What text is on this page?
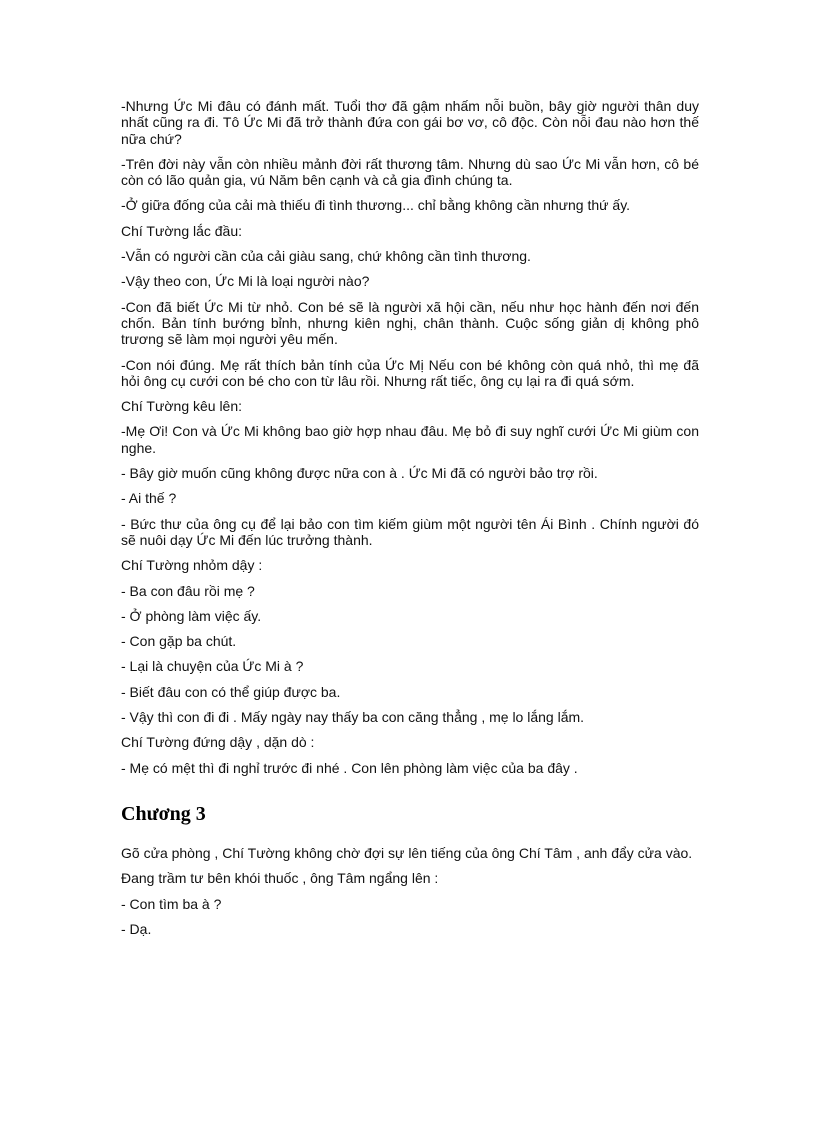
-Nhưng Ức Mi đâu có đánh mất. Tuổi thơ đã gậm nhấm nỗi buồn, bây giờ người thân duy nhất cũng ra đi. Tô Ức Mi đã trở thành đứa con gái bơ vơ, cô độc. Còn nỗi đau nào hơn thế nữa chứ?

-Trên đời này vẫn còn nhiều mảnh đời rất thương tâm. Nhưng dù sao Ức Mi vẫn hơn, cô bé còn có lão quản gia, vú Năm bên cạnh và cả gia đình chúng ta.

-Ở giữa đống của cải mà thiếu đi tình thương... chỉ bằng không cần nhưng thứ ấy.

Chí Tường lắc đầu:

-Vẫn có người cần của cải giàu sang, chứ không cần tình thương.

-Vậy theo con, Ức Mi là loại người nào?

-Con đã biết Ức Mi từ nhỏ. Con bé sẽ là người xã hội cần, nếu như học hành đến nơi đến chốn. Bản tính bướng bỉnh, nhưng kiên nghị, chân thành. Cuộc sống giản dị không phô trương sẽ làm mọi người yêu mến.

-Con nói đúng. Mẹ rất thích bản tính của Ức Mị Nếu con bé không còn quá nhỏ, thì mẹ đã hỏi ông cụ cưới con bé cho con từ lâu rồi. Nhưng rất tiếc, ông cụ lại ra đi quá sớm.

Chí Tường kêu lên:

-Mẹ Ơi! Con và Ức Mi không bao giờ hợp nhau đâu. Mẹ bỏ đi suy nghĩ cưới Ức Mi giùm con nghe.

- Bây giờ muốn cũng không được nữa con à . Ức Mi đã có người bảo trợ rồi.

- Ai thế ?

- Bức thư của ông cụ để lại bảo con tìm kiếm giùm một người tên Ái Bình . Chính người đó sẽ nuôi dạy Ức Mi đến lúc trưởng thành.

Chí Tường nhỏm dậy :

- Ba con đâu rồi mẹ ?

- Ở phòng làm việc ấy.

- Con gặp ba chút.

- Lại là chuyện của Ức Mi à ?

- Biết đâu con có thể giúp được ba.

- Vậy thì con đi đi . Mấy ngày nay thấy ba con căng thẳng , mẹ lo lắng lắm.

Chí Tường đứng dậy , dặn dò :

- Mẹ có mệt thì đi nghỉ trước đi nhé . Con lên phòng làm việc của ba đây .

Chương 3

Gõ cửa phòng , Chí Tường không chờ đợi sự lên tiếng của ông Chí Tâm , anh đẩy cửa vào.

Đang trầm tư bên khói thuốc , ông Tâm ngẩng lên :

- Con tìm ba à ?

- Dạ.
